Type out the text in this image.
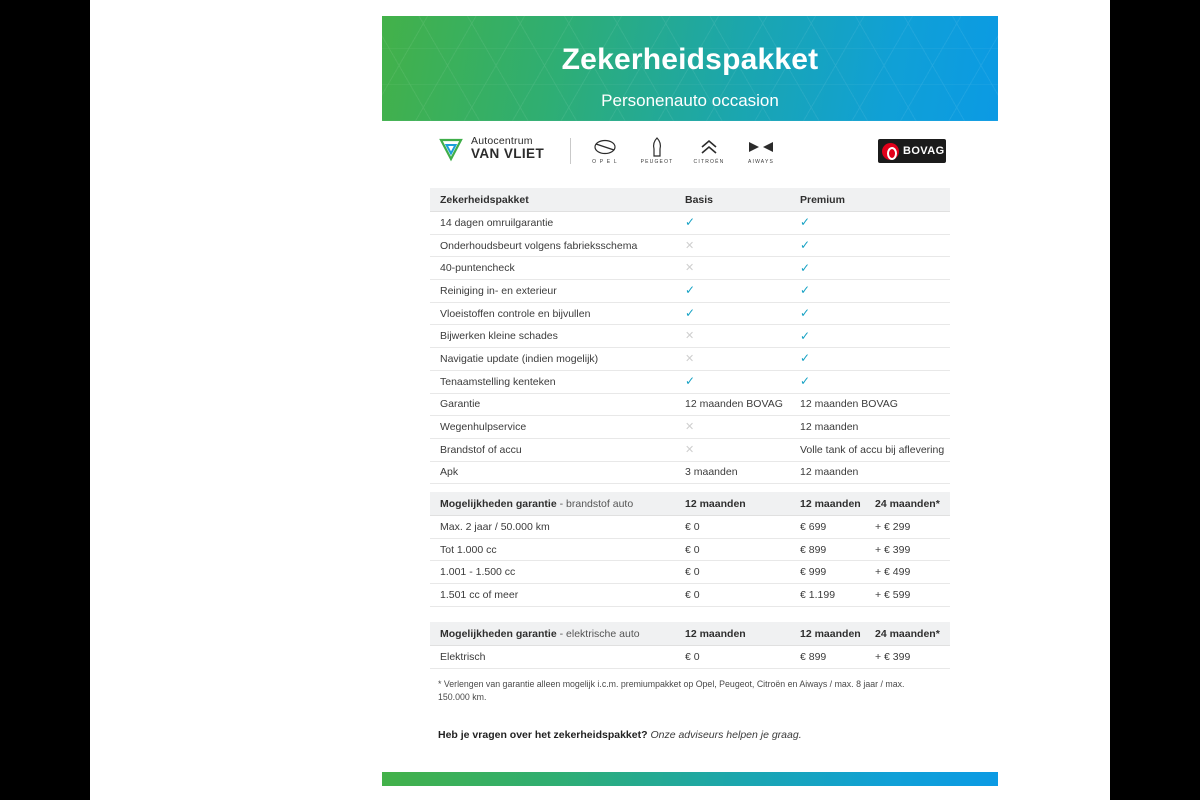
Zekerheidspakket
Personenauto occasion
Autocentrum
VAN VLIET
O P E L	PEUGEOT	CITROËN	AIWAYS
BOVAG
Zekerheidspakket	Basis	Premium
14 dagen omruilgarantie	✓	✓
Onderhoudsbeurt volgens fabrieksschema	✕	✓
40-puntencheck	✕	✓
Reiniging in- en exterieur	✓	✓
Vloeistoffen controle en bijvullen	✓	✓
Bijwerken kleine schades	✕	✓
Navigatie update (indien mogelijk)	✕	✓
Tenaamstelling kenteken	✓	✓
Garantie	12 maanden BOVAG	12 maanden BOVAG
Wegenhulpservice	✕	12 maanden
Brandstof of accu	✕	Volle tank of accu bij aflevering
Apk	3 maanden	12 maanden
Mogelijkheden garantie - brandstof auto	12 maanden	12 maanden	24 maanden*
Max. 2 jaar / 50.000 km	€ 0	€ 699	+ € 299
Tot 1.000 cc	€ 0	€ 899	+ € 399
1.001 - 1.500 cc	€ 0	€ 999	+ € 499
1.501 cc of meer	€ 0	€ 1.199	+ € 599
Mogelijkheden garantie - elektrische auto	12 maanden	12 maanden	24 maanden*
Elektrisch	€ 0	€ 899	+ € 399
* Verlengen van garantie alleen mogelijk i.c.m. premiumpakket op Opel, Peugeot, Citroën en Aiways / max. 8 jaar / max. 150.000 km.
Heb je vragen over het zekerheidspakket? Onze adviseurs helpen je graag.
